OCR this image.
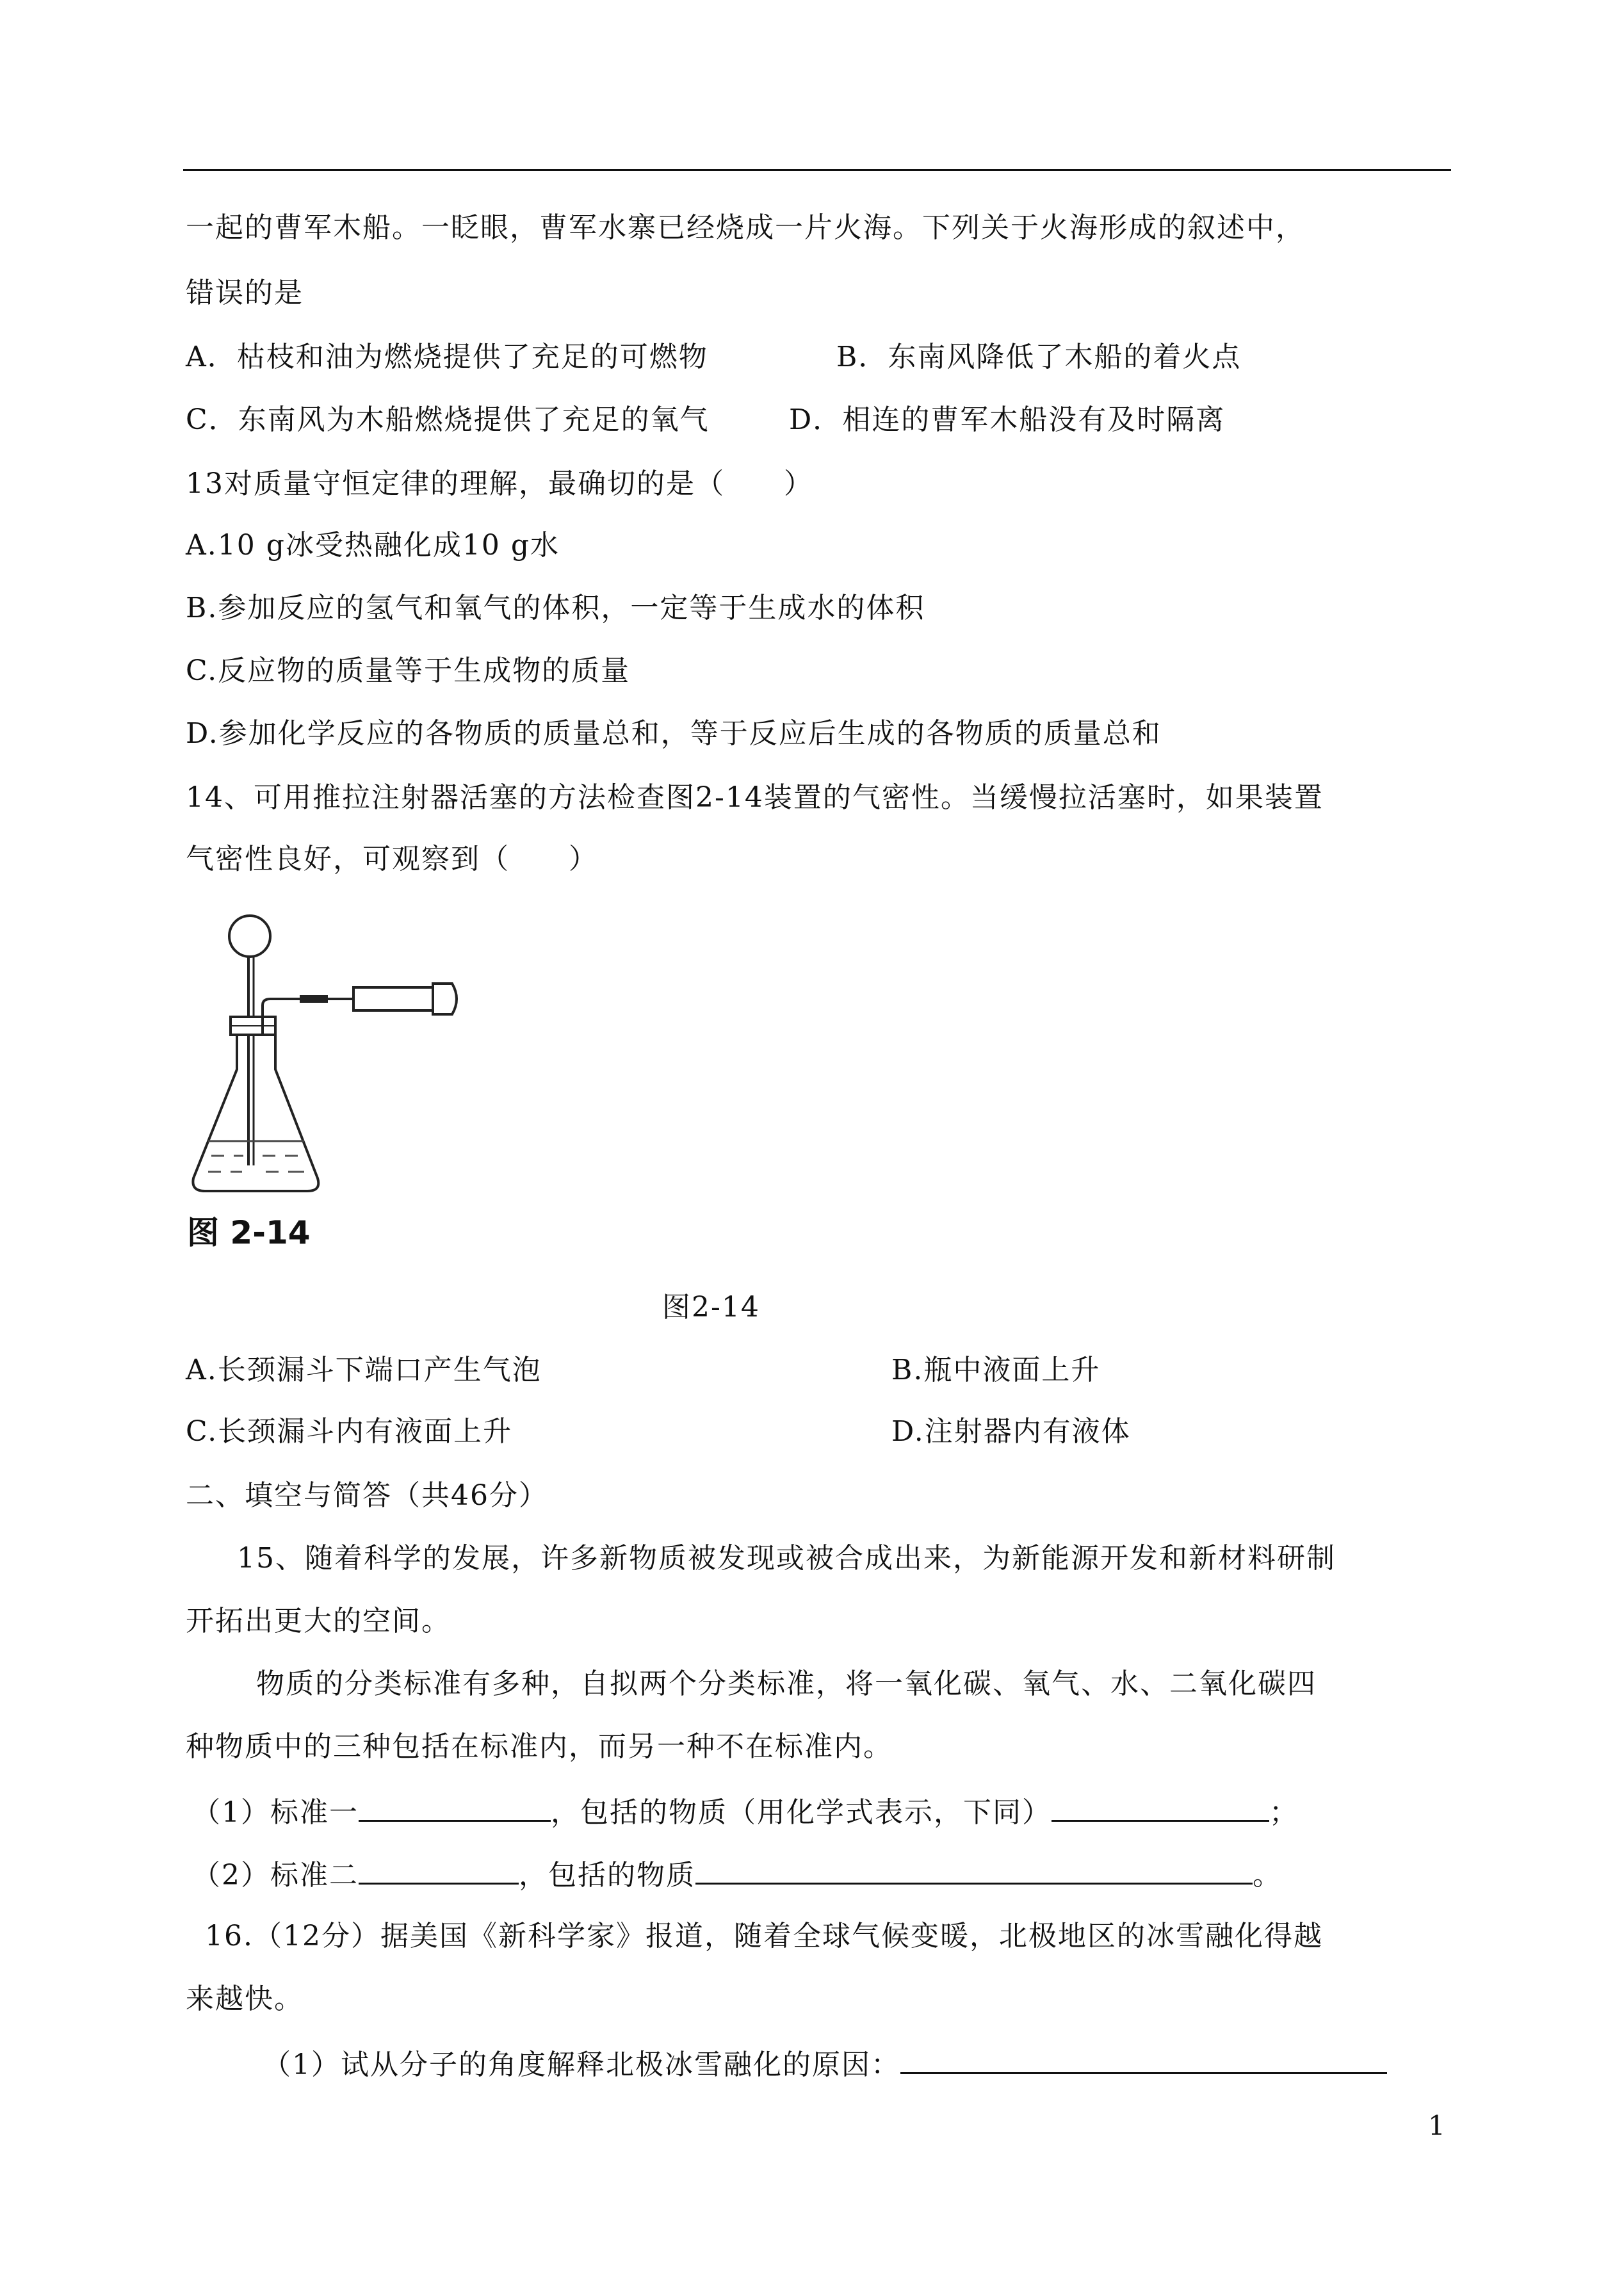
一起的曹军木船。一眨眼，曹军水寨已经烧成一片火海。下列关于火海形成的叙述中，
错误的是
A．枯枝和油为燃烧提供了充足的可燃物	B．东南风降低了木船的着火点
C．东南风为木船燃烧提供了充足的氧气	D．相连的曹军木船没有及时隔离
13对质量守恒定律的理解，最确切的是（　　）
A.10 g冰受热融化成10 g水
B.参加反应的氢气和氧气的体积，一定等于生成水的体积
C.反应物的质量等于生成物的质量
D.参加化学反应的各物质的质量总和，等于反应后生成的各物质的质量总和
14、可用推拉注射器活塞的方法检查图2-14装置的气密性。当缓慢拉活塞时，如果装置
气密性良好，可观察到（　　）
图 2-14
图2-14
A.长颈漏斗下端口产生气泡	B.瓶中液面上升
C.长颈漏斗内有液面上升	D.注射器内有液体
二、填空与简答（共46分）
15、随着科学的发展，许多新物质被发现或被合成出来，为新能源开发和新材料研制
开拓出更大的空间。
物质的分类标准有多种，自拟两个分类标准，将一氧化碳、氧气、水、二氧化碳四
种物质中的三种包括在标准内，而另一种不在标准内。
（1）标准一	，包括的物质（用化学式表示，下同）	；
（2）标准二	，包括的物质	。
16.（12分）据美国《新科学家》报道，随着全球气候变暖，北极地区的冰雪融化得越
来越快。
（1）试从分子的角度解释北极冰雪融化的原因：
1
